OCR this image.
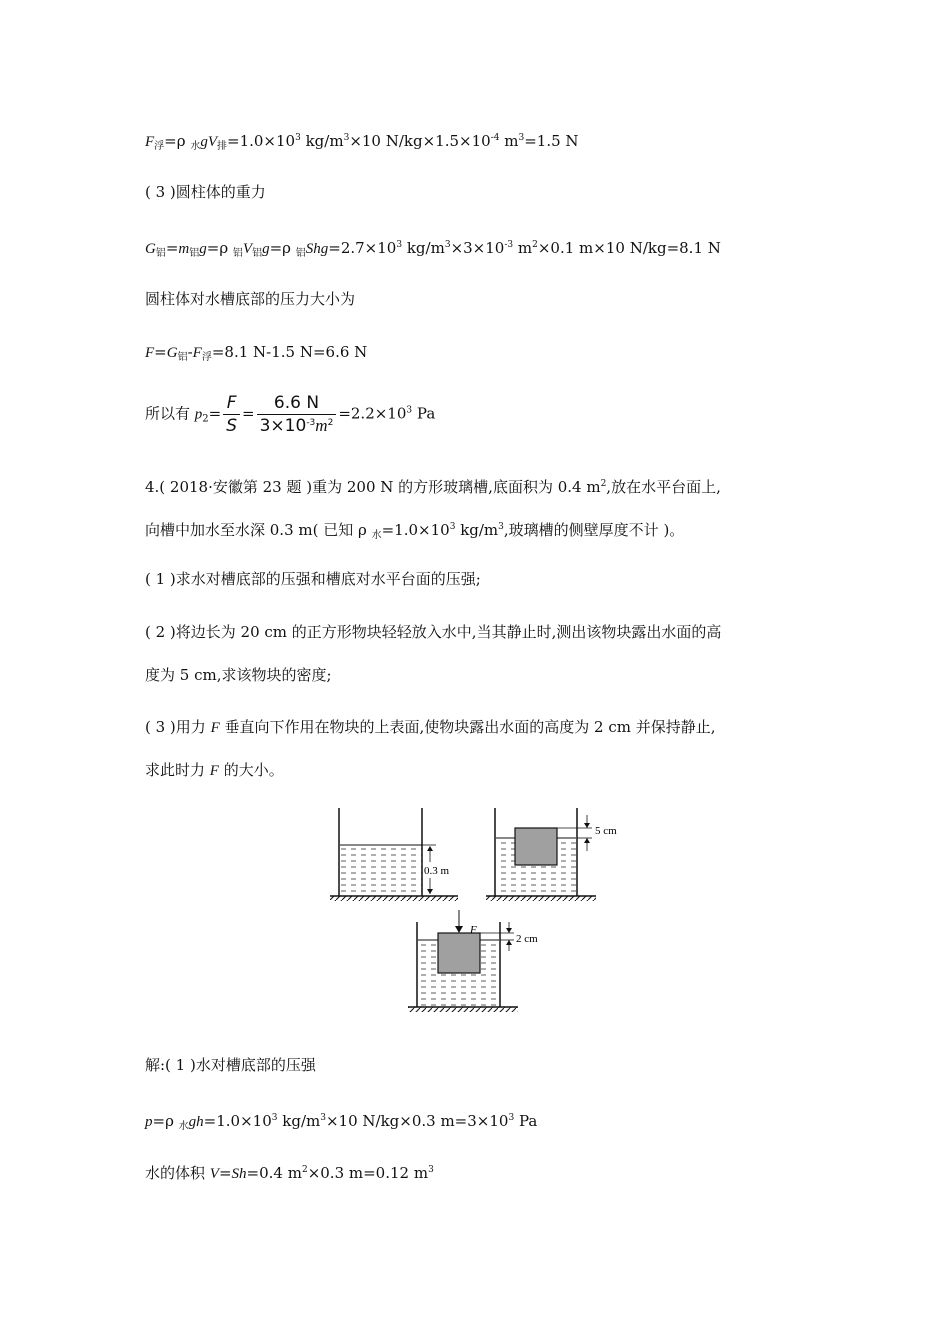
$F_浮=\rho$ $_水gV_排=1.0\times 10^3$ $kg/m^3\times 10$ $N/kg\times 1.5\times 10^{-4}$ $m^3=1.5$ N
( 3 )圆柱体的重力
$G_铝=m_铝g=\rho$ $_铝V_铝g=\rho$ $_铝Shg=2.7\times 10^3$ $kg/m^3\times 3\times 10^{-3}$ $m^2\times 0.1$ m×10 N/kg=8.1 N
圆柱体对水槽底部的压力大小为
$F=G_铝-F_浮=8.1$ N-1.5 N=6.6 N
所以有 $p_2= \frac{F}{S} = \frac{6.6 N}{3\times 10^{-3}m^2} =2.2\times 10^3$ Pa
4.( 2018·安徽第 23 题 )重为 200 N 的方形玻璃槽,底面积为 0.4 $m^2$,放在水平台面上,
向槽中加水至水深 0.3 m( 已知 ρ $_水=1.0\times 10^3$ $kg/m^3$,玻璃槽的侧壁厚度不计 )。
( 1 )求水对槽底部的压强和槽底对水平台面的压强;
( 2 )将边长为 20 cm 的正方形物块轻轻放入水中,当其静止时,测出该物块露出水面的高
度为 5 cm,求该物块的密度;
( 3 )用力 F 垂直向下作用在物块的上表面,使物块露出水面的高度为 2 cm 并保持静止,
求此时力 F 的大小。
0.3 m
5 cm
F
2 cm
解:( 1 )水对槽底部的压强
p=ρ $_水gh=1.0\times 10^3$ $kg/m^3\times 10$ N/kg×0.3 $m=3\times 10^3$ Pa
水的体积 V=Sh=0.4 $m^2\times 0.3$ m=0.12 $m^3$
